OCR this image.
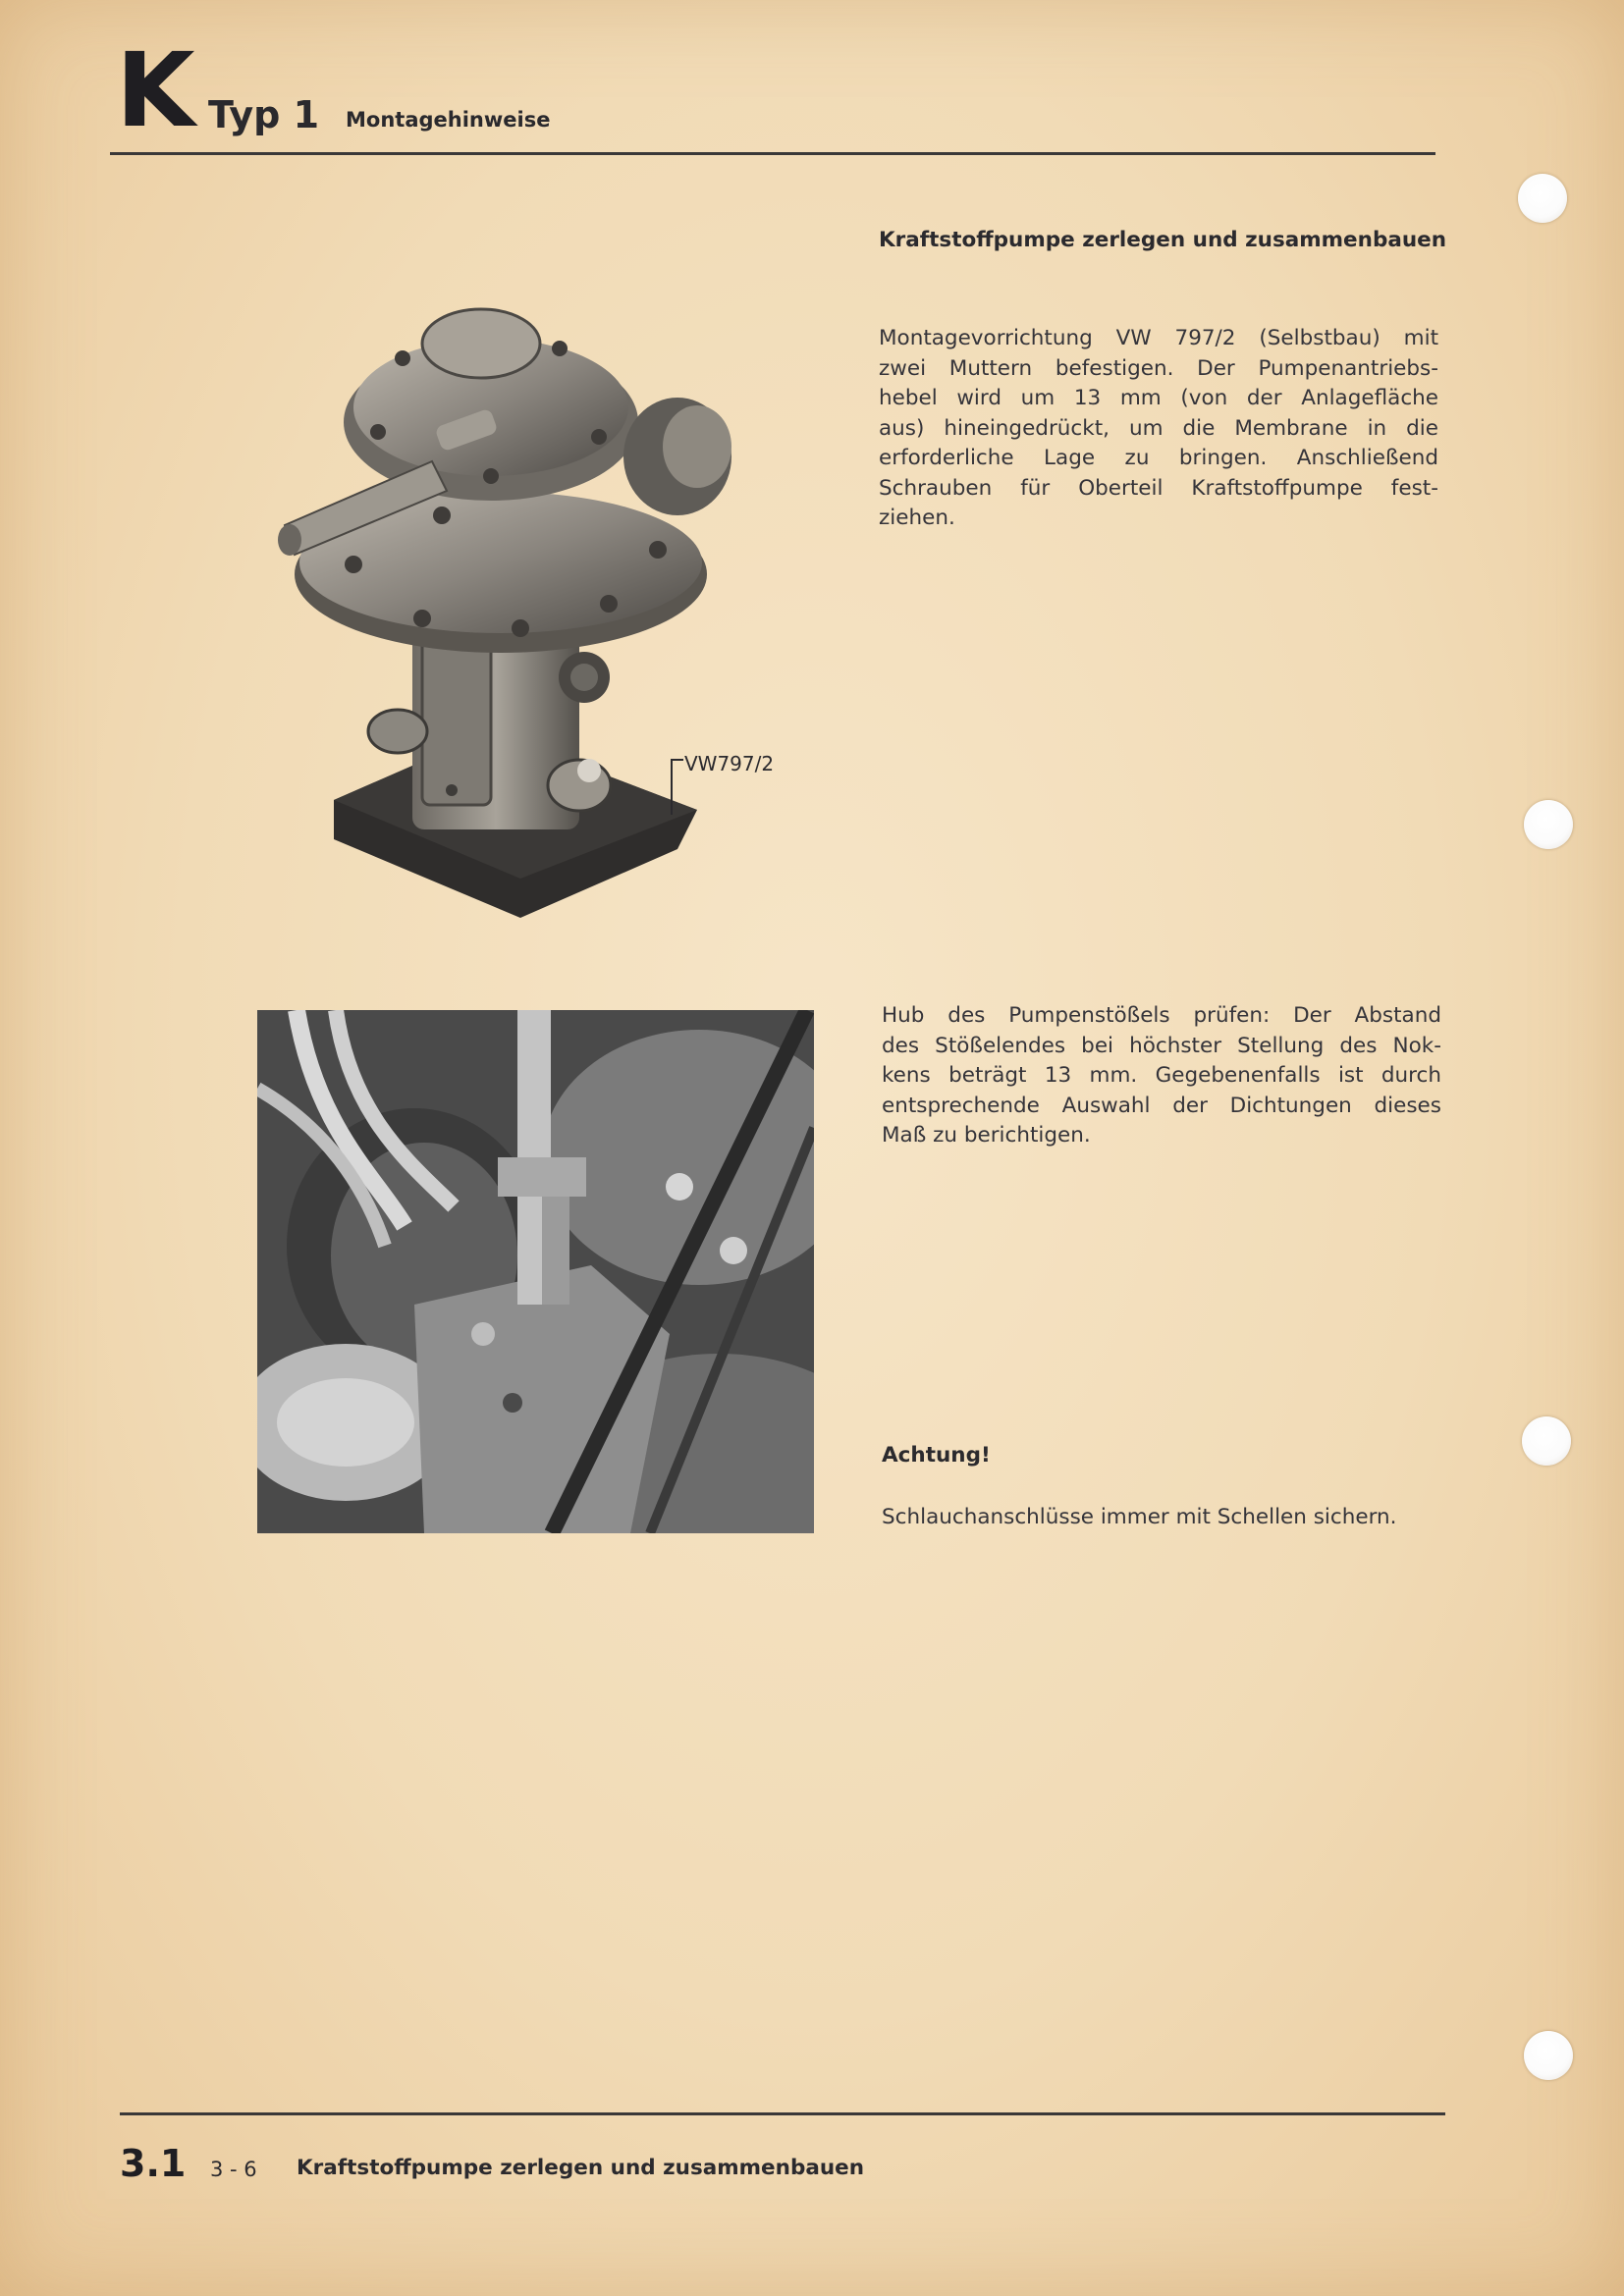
K Typ 1 Montagehinweise
Kraftstoffpumpe zerlegen und zusammenbauen
Montagevorrichtung VW 797/2 (Selbstbau) mit
zwei Muttern befestigen. Der Pumpenantriebs-
hebel wird um 13 mm (von der Anlagefläche
aus) hineingedrückt, um die Membrane in die
erforderliche Lage zu bringen. Anschließend
Schrauben für Oberteil Kraftstoffpumpe fest-
ziehen.
VW797/2
Hub des Pumpenstößels prüfen: Der Abstand
des Stößelendes bei höchster Stellung des Nok-
kens beträgt 13 mm. Gegebenenfalls ist durch
entsprechende Auswahl der Dichtungen dieses
Maß zu berichtigen.
Achtung!
Schlauchanschlüsse immer mit Schellen sichern.
3.1 3 - 6 Kraftstoffpumpe zerlegen und zusammenbauen
